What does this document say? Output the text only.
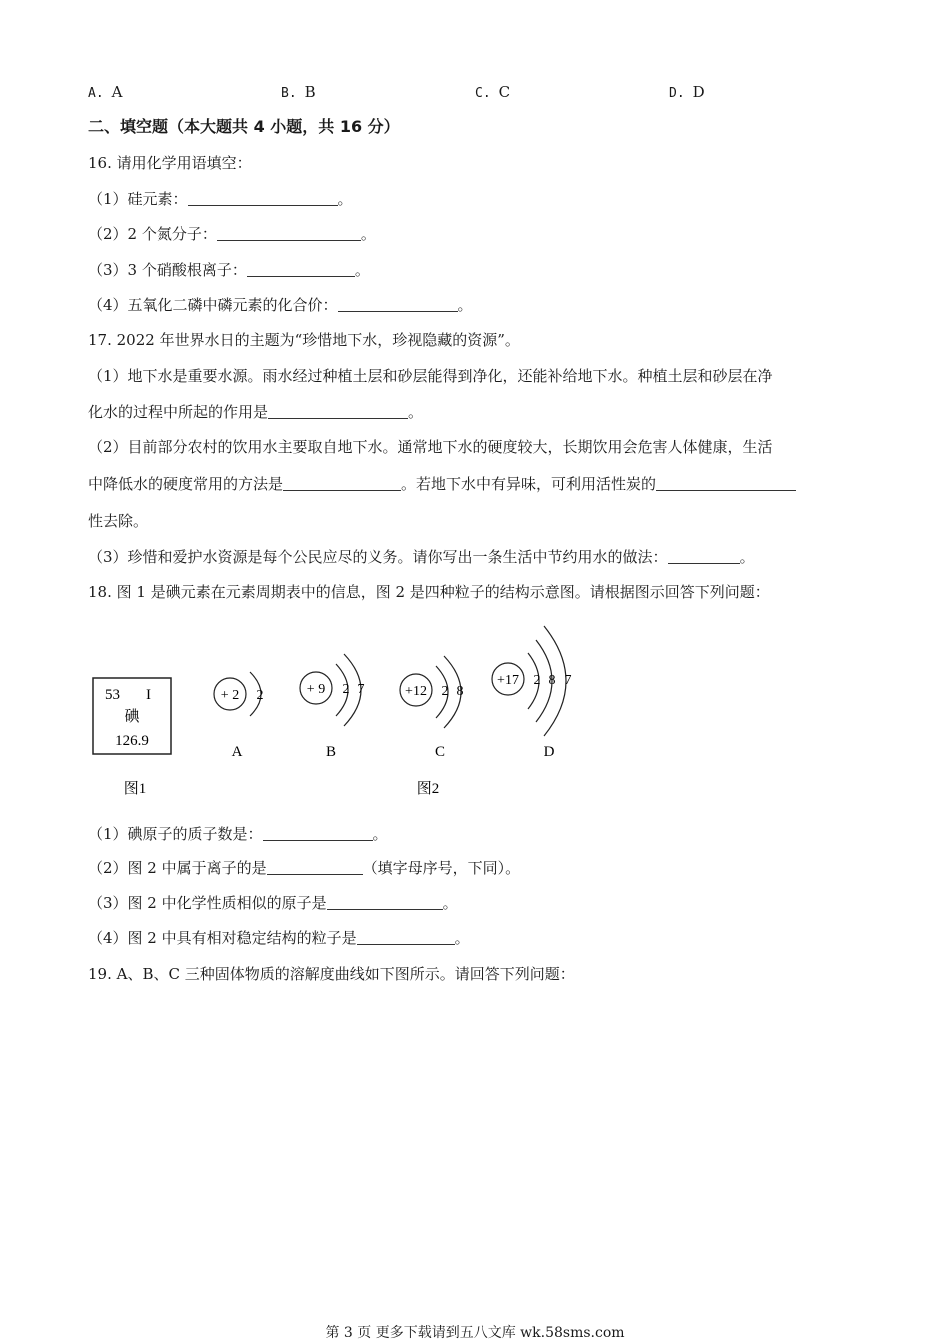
A. A	B. B	C. C	D. D
二、填空题（本大题共 4 小题，共 16 分）
16. 请用化学用语填空：
（1）硅元素：	。
（2）2 个氮分子：	。
（3）3 个硝酸根离子：	。
（4）五氧化二磷中磷元素的化合价：	。
17. 2022 年世界水日的主题为“珍惜地下水，珍视隐藏的资源”。
（1）地下水是重要水源。雨水经过种植土层和砂层能得到净化，还能补给地下水。种植土层和砂层在净
化水的过程中所起的作用是	。
（2）目前部分农村的饮用水主要取自地下水。通常地下水的硬度较大，长期饮用会危害人体健康，生活
中降低水的硬度常用的方法是	。若地下水中有异味，可利用活性炭的
性去除。
（3）珍惜和爱护水资源是每个公民应尽的义务。请你写出一条生活中节约用水的做法：	。
18. 图 1 是碘元素在元素周期表中的信息，图 2 是四种粒子的结构示意图。请根据图示回答下列问题：
53 I
碘
126.9
图1
+ 2 2
A
+ 9 2 7
B
+12 2 8
C
+17 2 8 7
D
图2
（1）碘原子的质子数是：	。
（2）图 2 中属于离子的是	（填字母序号，下同）。
（3）图 2 中化学性质相似的原子是	。
（4）图 2 中具有相对稳定结构的粒子是	。
19. A、B、C 三种固体物质的溶解度曲线如下图所示。请回答下列问题：
第 3 页 更多下载请到五八文库 wk.58sms.com
